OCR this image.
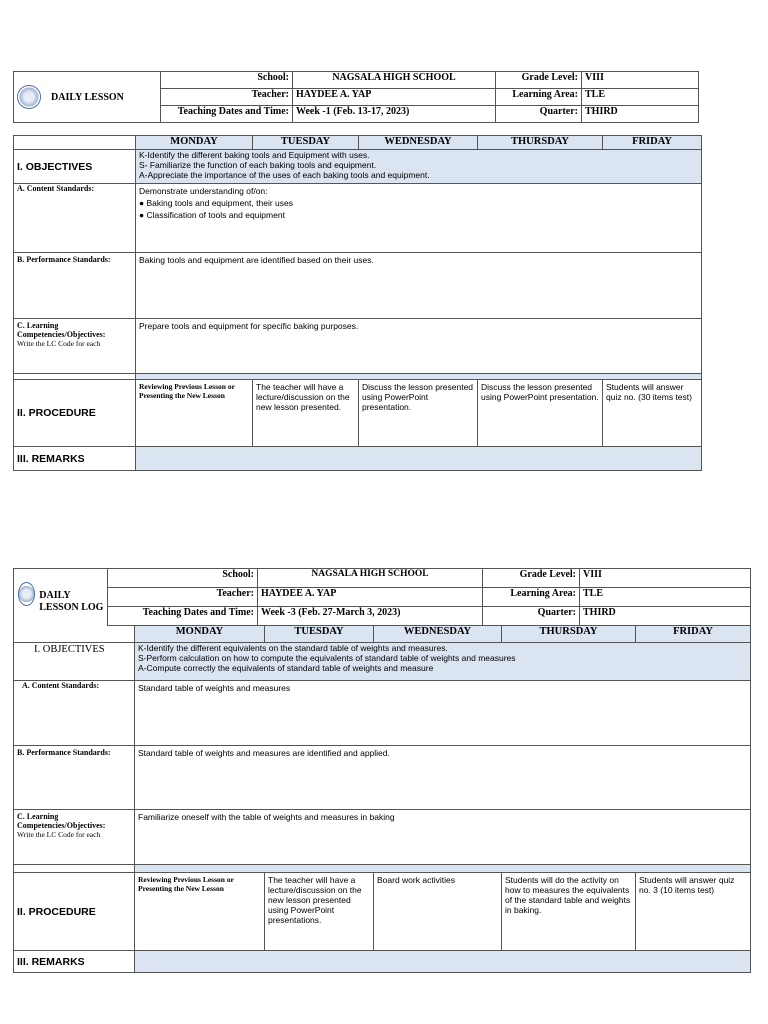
DAILY LESSON	School:	NAGSALA HIGH SCHOOL	Grade Level:	VIII
	Teacher:	HAYDEE A. YAP	Learning Area:	TLE
	Teaching Dates and Time:	Week -1 (Feb. 13-17, 2023)	Quarter:	THIRD
	MONDAY	TUESDAY	WEDNESDAY	THURSDAY	FRIDAY
I. OBJECTIVES	K-Identify the different baking tools and Equipment with uses.
S- Familiarize the function of each baking tools and equipment.
A-Appreciate the importance of the uses of each baking tools and equipment.				

A. Content Standards:	Demonstrate understanding of/on:
● Baking tools and equipment, their uses
● Classification of tools and equipment				

B. Performance Standards:	Baking tools and equipment are identified based on their uses.				

C. Learning Competencies/Objectives:
Write the LC Code for each	Prepare tools and equipment for specific baking purposes.				

II. PROCEDURE	Reviewing Previous Lesson or Presenting the New Lesson	The teacher will have a lecture/discussion on the new lesson presented.	Discuss the lesson presented using PowerPoint presentation.	Discuss the lesson presented using PowerPoint presentation.	Students will answer quiz no. (30 items test)
III. REMARKS					
DAILY LESSON LOG	School:	NAGSALA HIGH SCHOOL	Grade Level:	VIII
	Teacher:	HAYDEE A. YAP	Learning Area:	TLE
	Teaching Dates and Time:	Week -3 (Feb. 27-March 3, 2023)	Quarter:	THIRD
	MONDAY	TUESDAY	WEDNESDAY	THURSDAY	FRIDAY
I. OBJECTIVES	K-Identify the different equivalents on the standard table of weights and measures.
S-Perform calculation on how to compute the equivalents of standard table of weights and measures
A-Compute correctly the equivalents of standard table of weights and measure				

A. Content Standards:	Standard table of weights and measures				
B. Performance Standards:	Standard table of weights and measures are identified and applied.				

C. Learning Competencies/Objectives:
Write the LC Code for each	Familiarize oneself with the table of weights and measures in baking				

II. PROCEDURE	Reviewing Previous Lesson or Presenting the New Lesson	The teacher will have a lecture/discussion on the new lesson presented using PowerPoint presentations.	Board work activities	Students will do the activity on how to measures the equivalents of the standard table and weights in baking.	Students will answer quiz no. 3 (10 items test)
III. REMARKS					
